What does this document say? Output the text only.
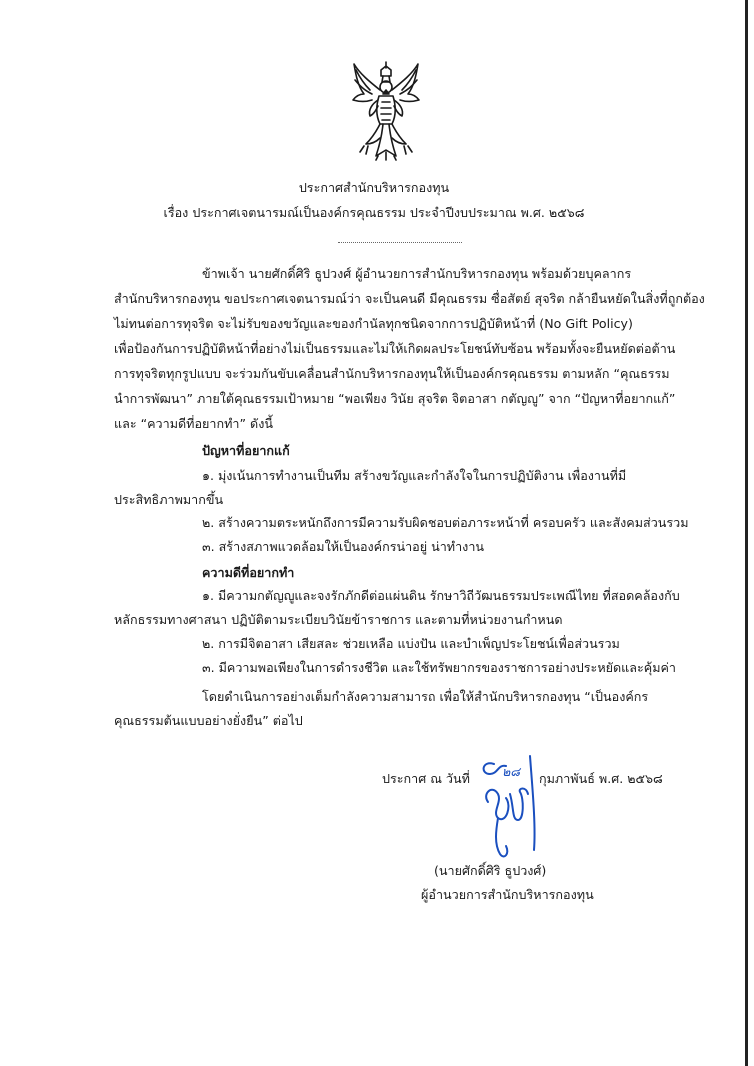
ประกาศสำนักบริหารกองทุน
เรื่อง ประกาศเจตนารมณ์เป็นองค์กรคุณธรรม ประจำปีงบประมาณ พ.ศ. ๒๕๖๘
ข้าพเจ้า นายศักดิ์ศิริ ธูปวงศ์ ผู้อำนวยการสำนักบริหารกองทุน พร้อมด้วยบุคลากร
สำนักบริหารกองทุน ขอประกาศเจตนารมณ์ว่า จะเป็นคนดี มีคุณธรรม ซื่อสัตย์ สุจริต กล้ายืนหยัดในสิ่งที่ถูกต้อง
ไม่ทนต่อการทุจริต จะไม่รับของขวัญและของกำนัลทุกชนิดจากการปฏิบัติหน้าที่ (No Gift Policy)
เพื่อป้องกันการปฏิบัติหน้าที่อย่างไม่เป็นธรรมและไม่ให้เกิดผลประโยชน์ทับซ้อน พร้อมทั้งจะยืนหยัดต่อต้าน
การทุจริตทุกรูปแบบ จะร่วมกันขับเคลื่อนสำนักบริหารกองทุนให้เป็นองค์กรคุณธรรม ตามหลัก “คุณธรรม
นำการพัฒนา” ภายใต้คุณธรรมเป้าหมาย “พอเพียง วินัย สุจริต จิตอาสา กตัญญู” จาก “ปัญหาที่อยากแก้”
และ “ความดีที่อยากทำ” ดังนี้
ปัญหาที่อยากแก้
๑. มุ่งเน้นการทำงานเป็นทีม สร้างขวัญและกำลังใจในการปฏิบัติงาน เพื่องานที่มี
ประสิทธิภาพมากขึ้น
๒. สร้างความตระหนักถึงการมีความรับผิดชอบต่อภาระหน้าที่ ครอบครัว และสังคมส่วนรวม
๓. สร้างสภาพแวดล้อมให้เป็นองค์กรน่าอยู่ น่าทำงาน
ความดีที่อยากทำ
๑. มีความกตัญญูและจงรักภักดีต่อแผ่นดิน รักษาวิถีวัฒนธรรมประเพณีไทย ที่สอดคล้องกับ
หลักธรรมทางศาสนา ปฏิบัติตามระเบียบวินัยข้าราชการ และตามที่หน่วยงานกำหนด
๒. การมีจิตอาสา เสียสละ ช่วยเหลือ แบ่งปัน และบำเพ็ญประโยชน์เพื่อส่วนรวม
๓. มีความพอเพียงในการดำรงชีวิต และใช้ทรัพยากรของราชการอย่างประหยัดและคุ้มค่า
โดยดำเนินการอย่างเต็มกำลังความสามารถ เพื่อให้สำนักบริหารกองทุน “เป็นองค์กร
คุณธรรมต้นแบบอย่างยั่งยืน” ต่อไป
ประกาศ ณ วันที่	๒๘ กุมภาพันธ์ พ.ศ. ๒๕๖๘
(นายศักดิ์ศิริ ธูปวงศ์)
ผู้อำนวยการสำนักบริหารกองทุน
